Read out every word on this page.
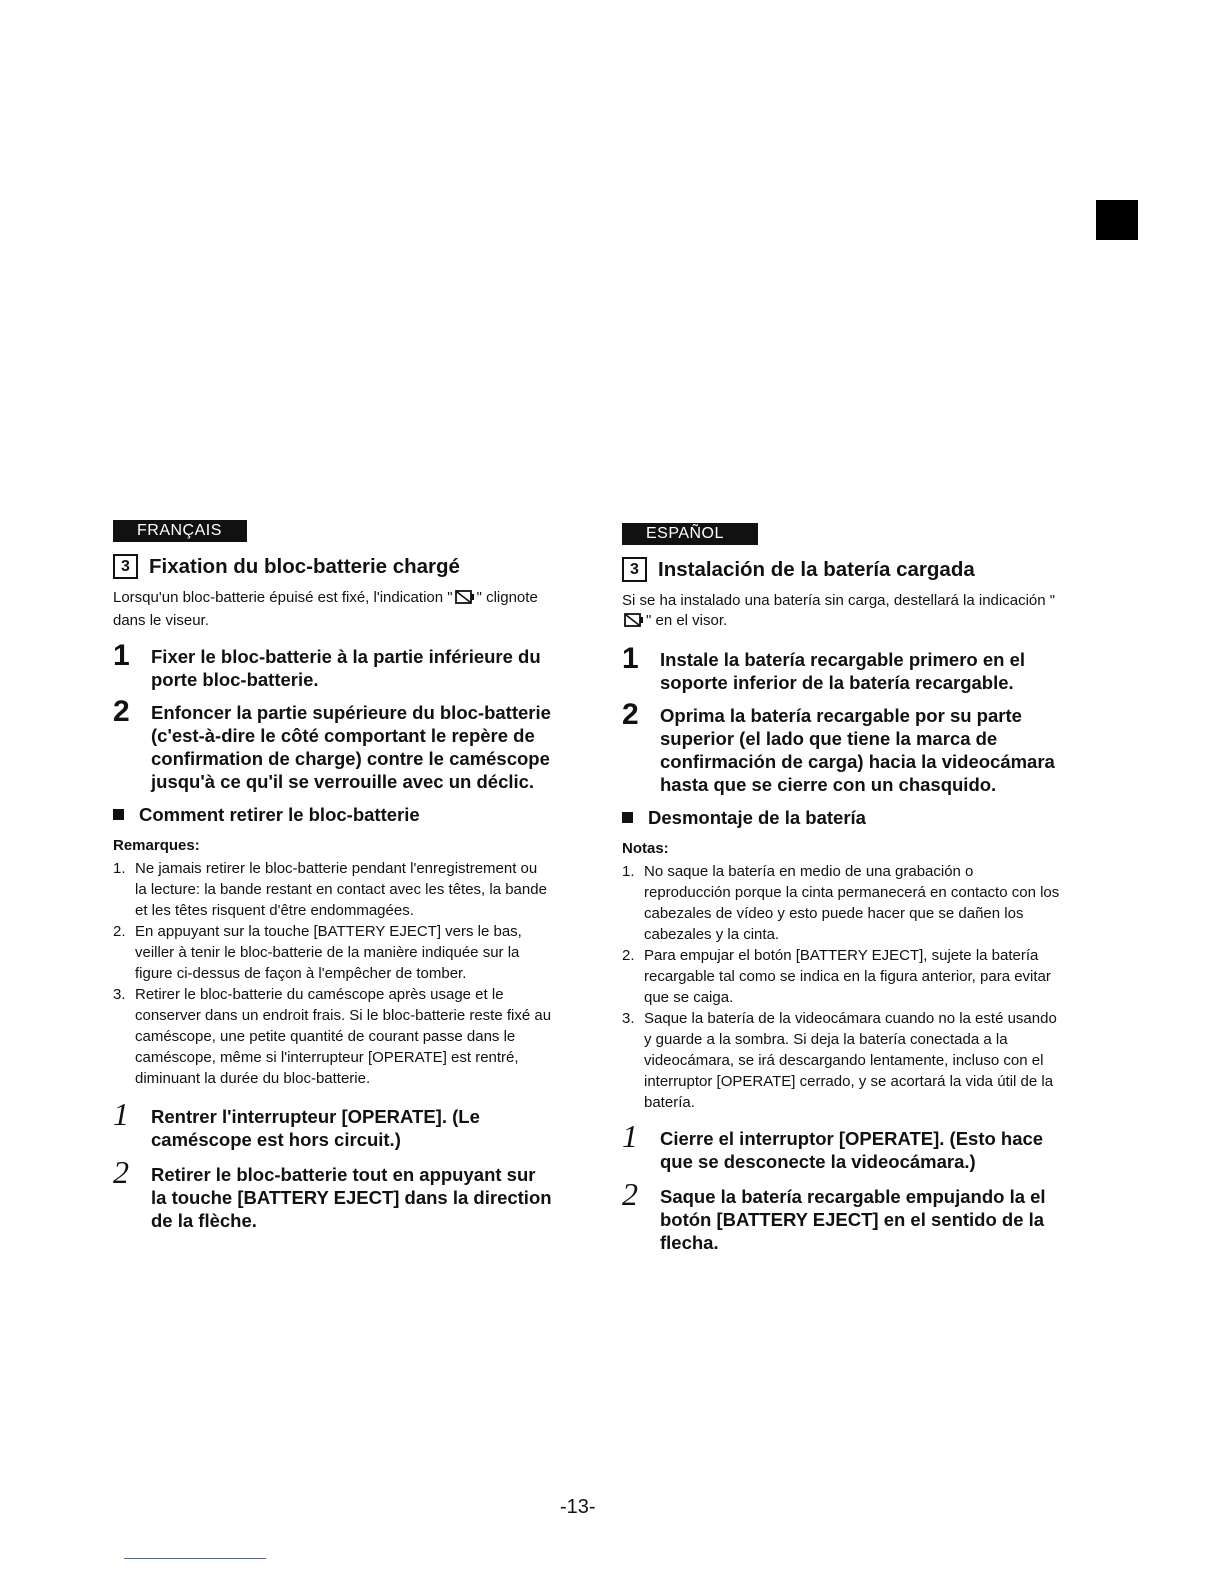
FRANÇAIS
3 Fixation du bloc-batterie chargé
Lorsqu'un bloc-batterie épuisé est fixé, l'indication " " clignote dans le viseur.
1 Fixer le bloc-batterie à la partie inférieure du porte bloc-batterie.
2 Enfoncer la partie supérieure du bloc-batterie (c'est-à-dire le côté comportant le repère de confirmation de charge) contre le caméscope jusqu'à ce qu'il se verrouille avec un déclic.
Comment retirer le bloc-batterie
Remarques:
1. Ne jamais retirer le bloc-batterie pendant l'enregistrement ou la lecture: la bande restant en contact avec les têtes, la bande et les têtes risquent d'être endommagées.
2. En appuyant sur la touche [BATTERY EJECT] vers le bas, veiller à tenir le bloc-batterie de la manière indiquée sur la figure ci-dessus de façon à l'empêcher de tomber.
3. Retirer le bloc-batterie du caméscope après usage et le conserver dans un endroit frais. Si le bloc-batterie reste fixé au caméscope, une petite quantité de courant passe dans le caméscope, même si l'interrupteur [OPERATE] est rentré, diminuant la durée du bloc-batterie.
1 Rentrer l'interrupteur [OPERATE]. (Le caméscope est hors circuit.)
2 Retirer le bloc-batterie tout en appuyant sur la touche [BATTERY EJECT] dans la direction de la flèche.
ESPAÑOL
3 Instalación de la batería cargada
Si se ha instalado una batería sin carga, destellará la indicación "" en el visor.
1 Instale la batería recargable primero en el soporte inferior de la batería recargable.
2 Oprima la batería recargable por su parte superior (el lado que tiene la marca de confirmación de carga) hacia la videocámara hasta que se cierre con un chasquido.
Desmontaje de la batería
Notas:
1. No saque la batería en medio de una grabación o reproducción porque la cinta permanecerá en contacto con los cabezales de vídeo y esto puede hacer que se dañen los cabezales y la cinta.
2. Para empujar el botón [BATTERY EJECT], sujete la batería recargable tal como se indica en la figura anterior, para evitar que se caiga.
3. Saque la batería de la videocámara cuando no la esté usando y guarde a la sombra. Si deja la batería conectada a la videocámara, se irá descargando lentamente, incluso con el interruptor [OPERATE] cerrado, y se acortará la vida útil de la batería.
1 Cierre el interruptor [OPERATE]. (Esto hace que se desconecte la videocámara.)
2 Saque la batería recargable empujando la el botón [BATTERY EJECT] en el sentido de la flecha.
-13-
